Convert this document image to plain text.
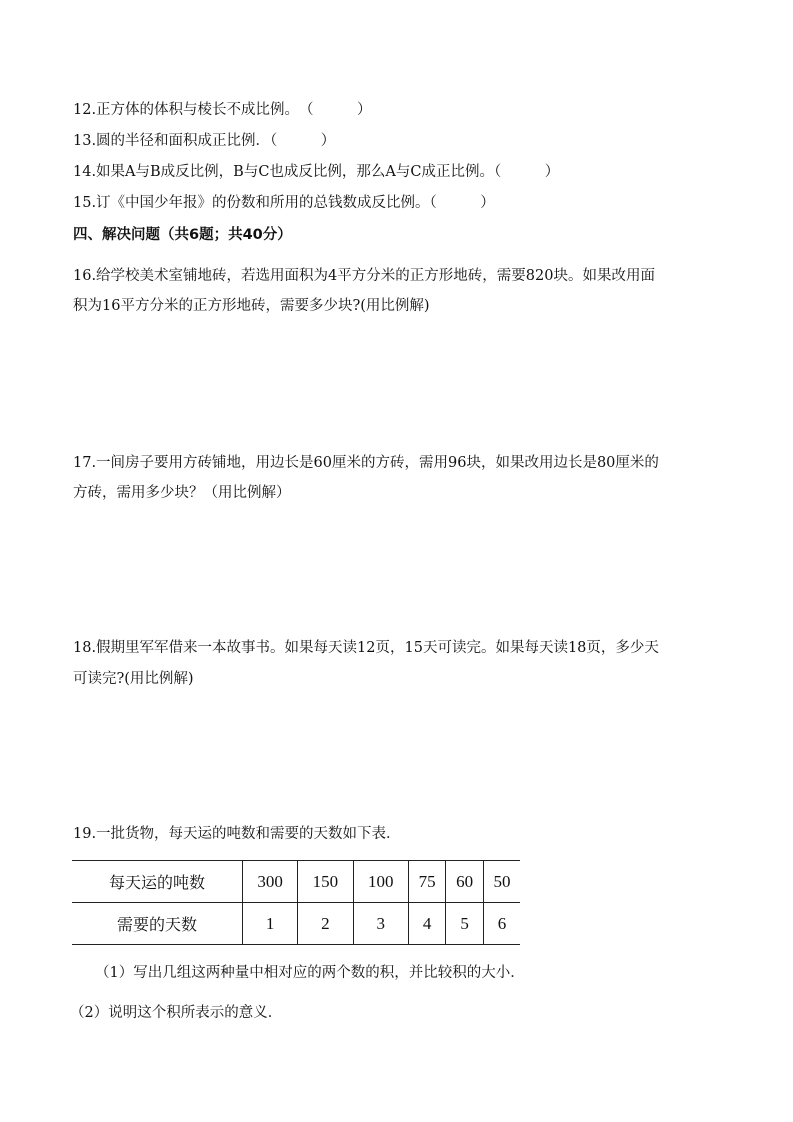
12.正方体的体积与棱长不成比例。　（　　　）
13.圆的半径和面积成正比例．（　　　）
14.如果A与B成反比例，B与C也成反比例，那么A与C成正比例。（　　　）
15.订《中国少年报》的份数和所用的总钱数成反比例。（　　　）
四、解决问题（共6题；共40分）
16.给学校美术室铺地砖，若选用面积为4平方分米的正方形地砖，需要820块。如果改用面
积为16平方分米的正方形地砖，需要多少块?(用比例解)
17.一间房子要用方砖铺地，用边长是60厘米的方砖，需用96块，如果改用边长是80厘米的
方砖，需用多少块？（用比例解）
18.假期里军军借来一本故事书。如果每天读12页，15天可读完。如果每天读18页，多少天
可读完?(用比例解)
19.一批货物，每天运的吨数和需要的天数如下表．
每天运的吨数	300	150	100	75	60	50
需要的天数	1	2	3	4	5	6
（1）写出几组这两种量中相对应的两个数的积，并比较积的大小．
（2）说明这个积所表示的意义．
